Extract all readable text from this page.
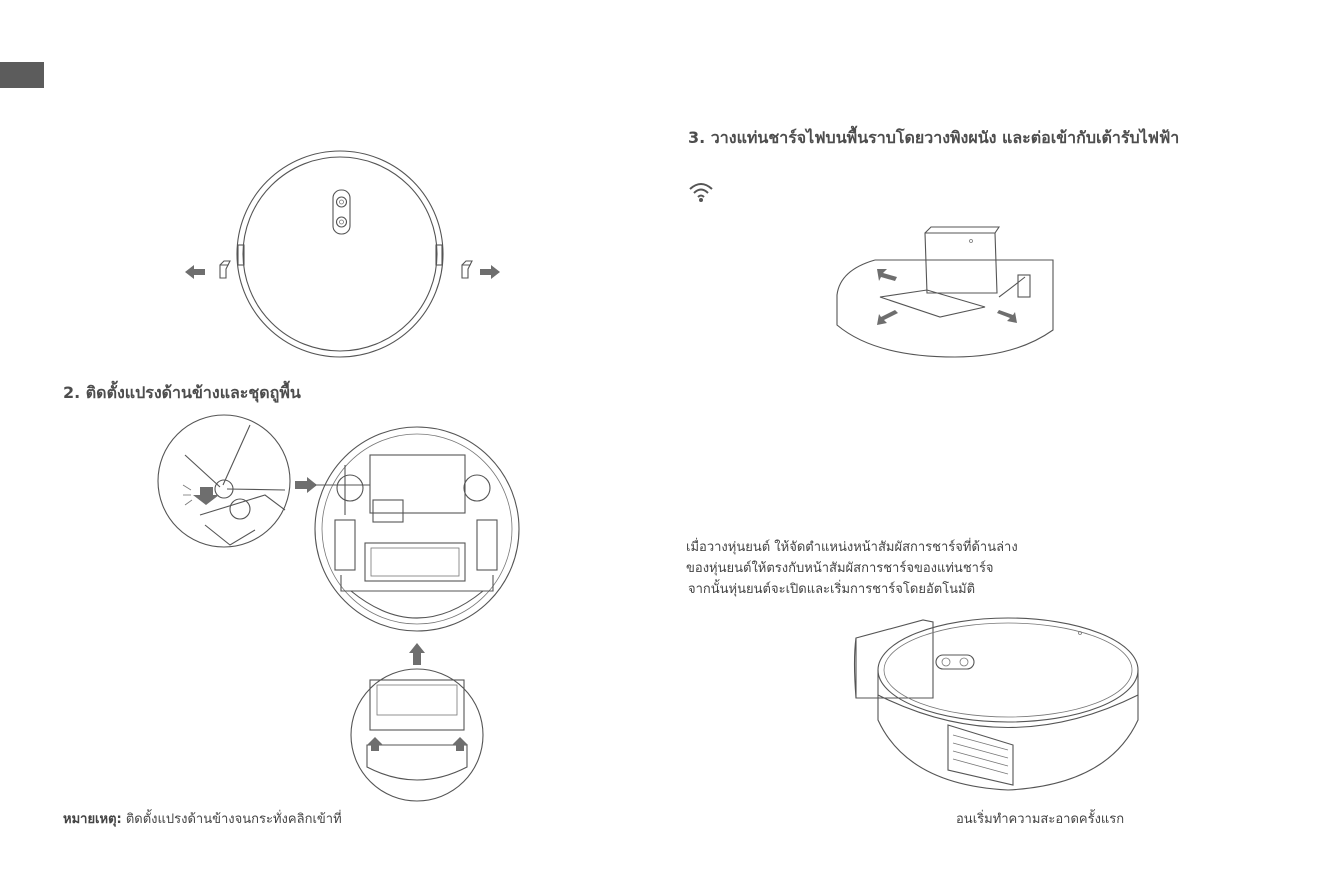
2. ติดตั้งแปรงด้านข้างและชุดถูพื้น
หมายเหตุ: ติดตั้งแปรงด้านข้างจนกระทั่งคลิกเข้าที่
3. วางแท่นชาร์จไฟบนพื้นราบโดยวางพิงผนัง และต่อเข้ากับเต้ารับไฟฟ้า
เมื่อวางหุ่นยนต์ ให้จัดตำแหน่งหน้าสัมผัสการชาร์จที่ด้านล่าง
ของหุ่นยนต์ให้ตรงกับหน้าสัมผัสการชาร์จของแท่นชาร์จ
จากนั้นหุ่นยนต์จะเปิดและเริ่มการชาร์จโดยอัตโนมัติ
อนเริ่มทำความสะอาดครั้งแรก
